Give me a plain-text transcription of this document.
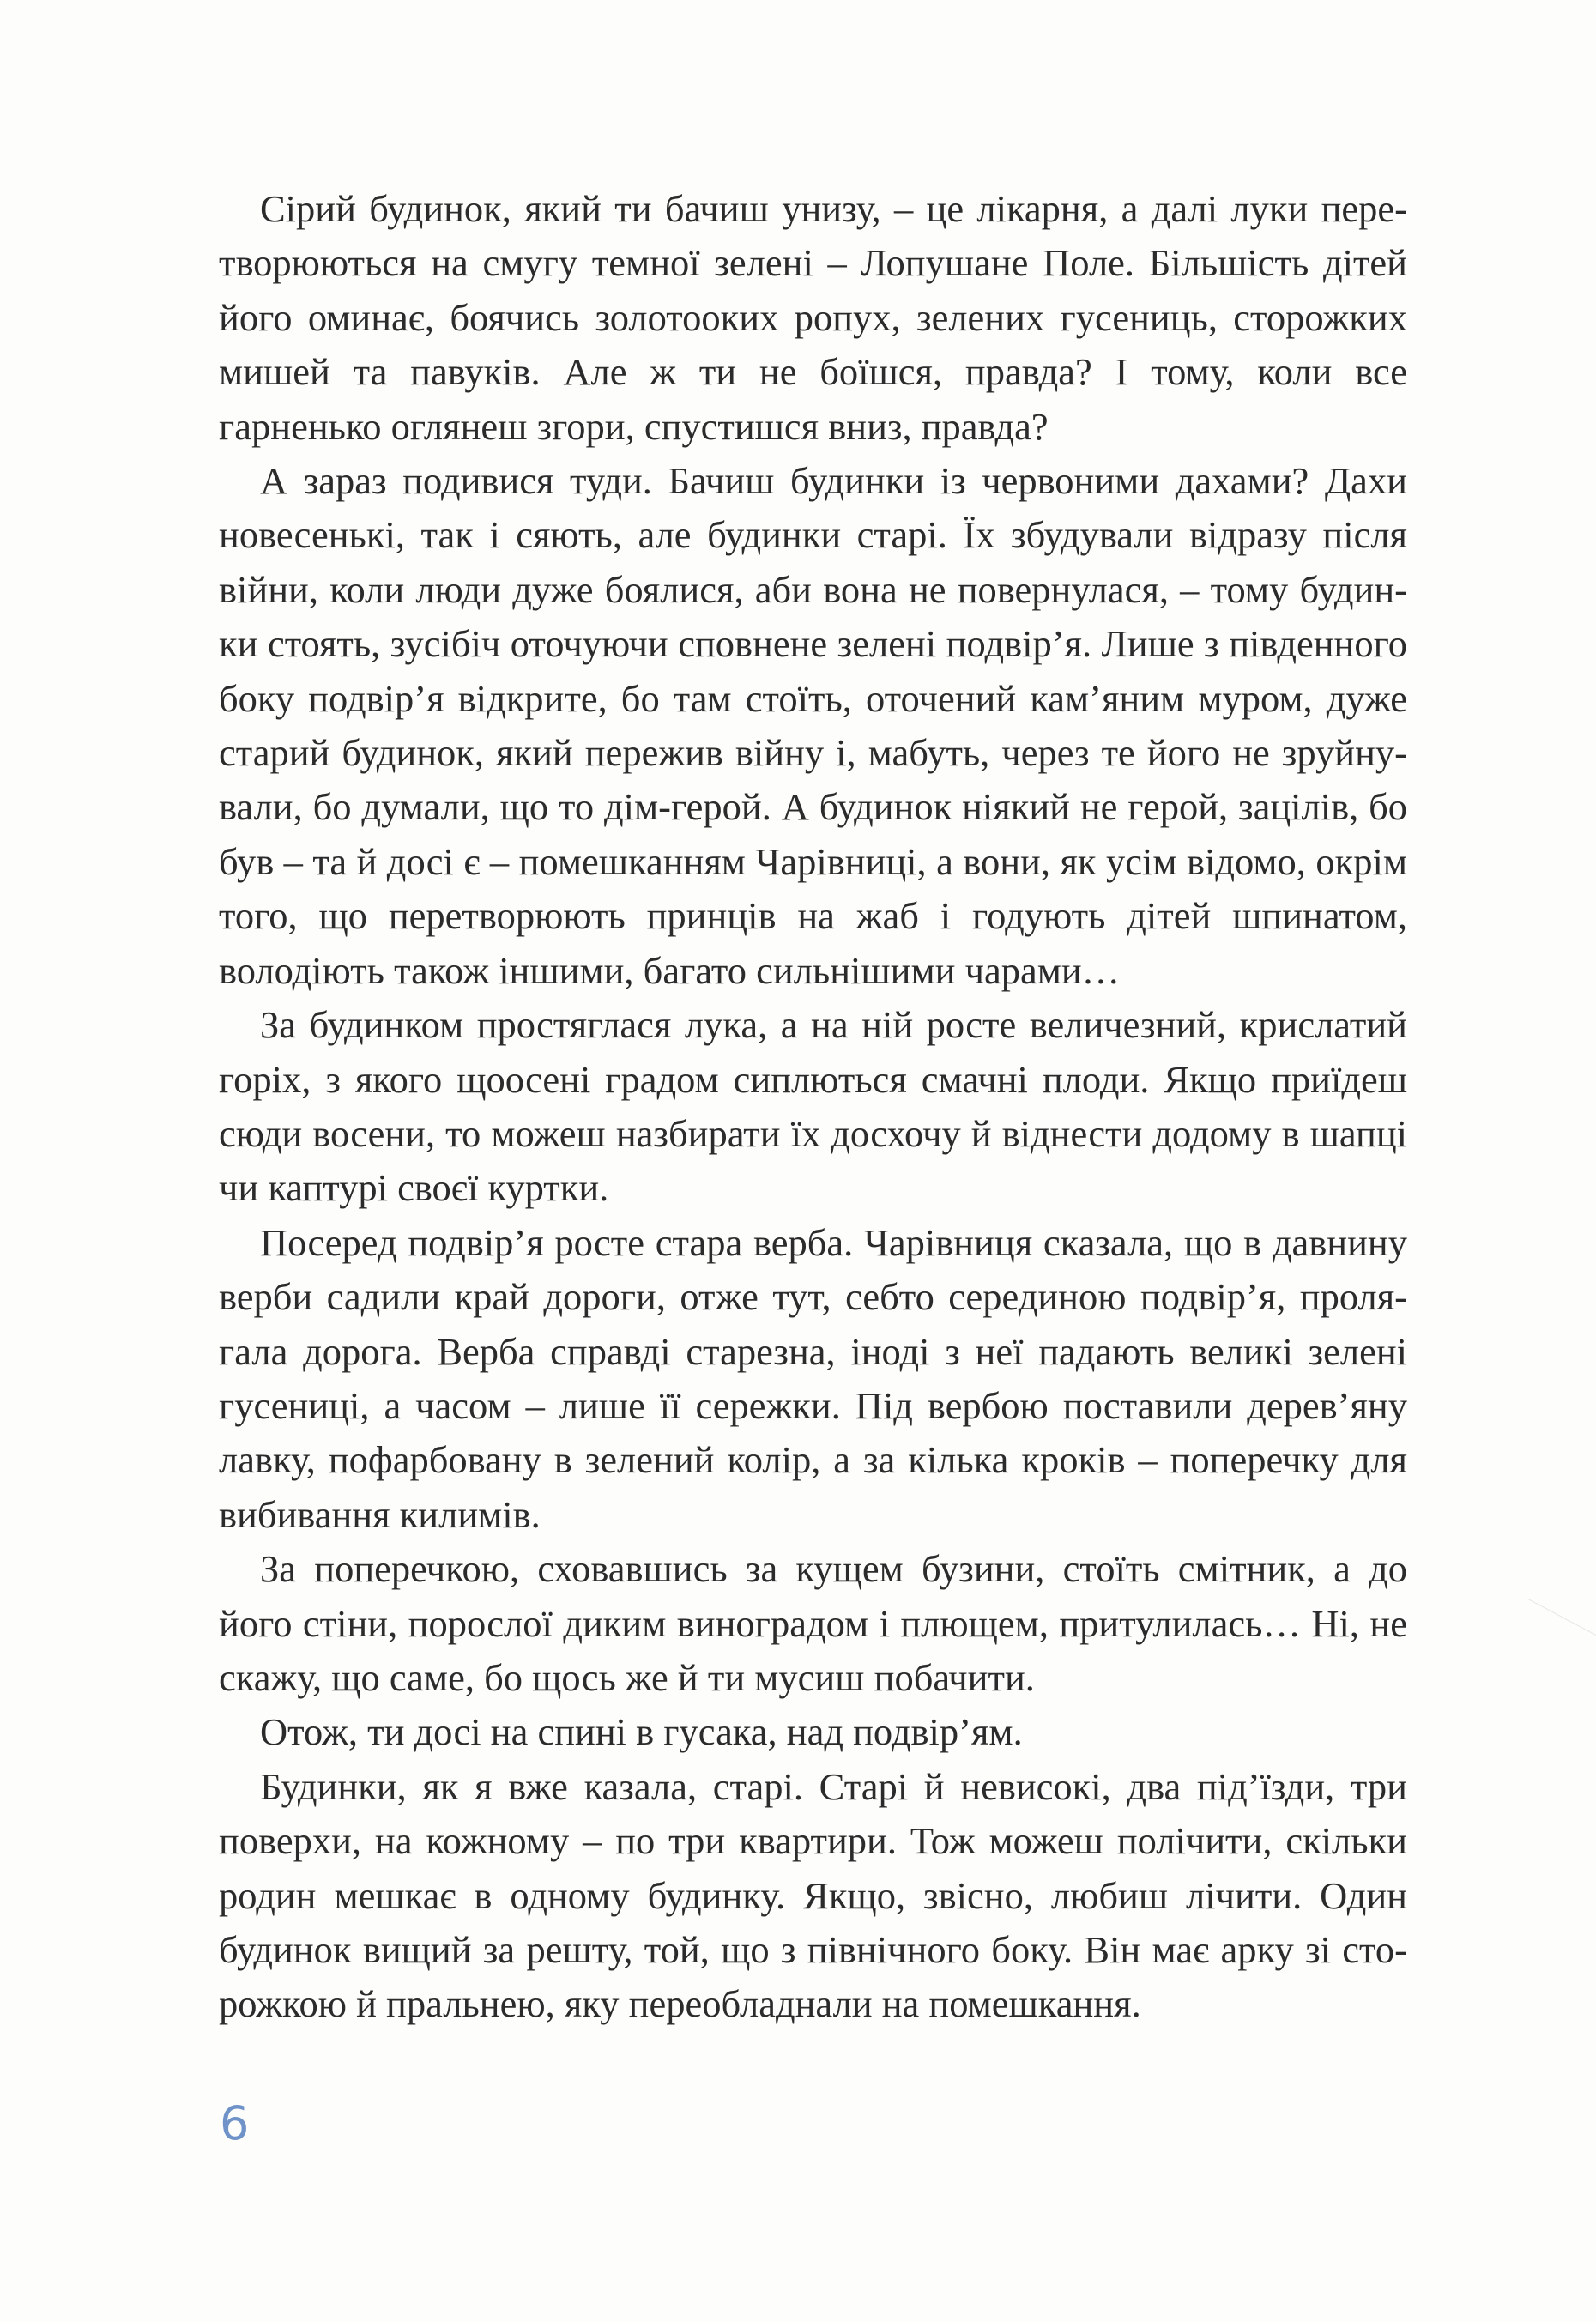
Сірий будинок, який ти бачиш унизу, – це лікарня, а далі луки перетворюються на смугу темної зелені – Лопушане Поле. Більшість дітей його оминає, боячись золотооких ропух, зелених гусениць, сторожких мишей та павуків. Але ж ти не боїшся, правда? І тому, коли все гарненько оглянеш згори, спустишся вниз, правда?

А зараз подивися туди. Бачиш будинки із червоними дахами? Дахи новесенькі, так і сяють, але будинки старі. Їх збудували відразу після війни, коли люди дуже боялися, аби вона не повернулася, – тому будинки стоять, зусібіч оточуючи сповнене зелені подвір’я. Лише з південного боку подвір’я відкрите, бо там стоїть, оточений кам’яним муром, дуже старий будинок, який пережив війну і, мабуть, через те його не зруйнували, бо думали, що то дім-герой. А будинок ніякий не герой, зацілів, бо був – та й досі є – помешканням Чарівниці, а вони, як усім відомо, окрім того, що перетворюють принців на жаб і годують дітей шпинатом, володіють також іншими, багато сильнішими чарами…

За будинком простяглася лука, а на ній росте величезний, крислатий горіх, з якого щоосені градом сиплються смачні плоди. Якщо приїдеш сюди восени, то можеш назбирати їх досхочу й віднести додому в шапці чи каптурі своєї куртки.

Посеред подвір’я росте стара верба. Чарівниця сказала, що в давнину верби садили край дороги, отже тут, себто серединою подвір’я, пролягала дорога. Верба справді старезна, іноді з неї падають великі зелені гусениці, а часом – лише її сережки. Під вербою поставили дерев’яну лавку, пофарбовану в зелений колір, а за кілька кроків – поперечку для вибивання килимів.

За поперечкою, сховавшись за кущем бузини, стоїть смітник, а до його стіни, порослої диким виноградом і плющем, притулилась… Ні, не скажу, що саме, бо щось же й ти мусиш побачити.

Отож, ти досі на спині в гусака, над подвір’ям.

Будинки, як я вже казала, старі. Старі й невисокі, два під’їзди, три поверхи, на кожному – по три квартири. Тож можеш полічити, скільки родин мешкає в одному будинку. Якщо, звісно, любиш лічити. Один будинок вищий за решту, той, що з північного боку. Він має арку зі сторожкою й пральнею, яку переобладнали на помешкання.

6
